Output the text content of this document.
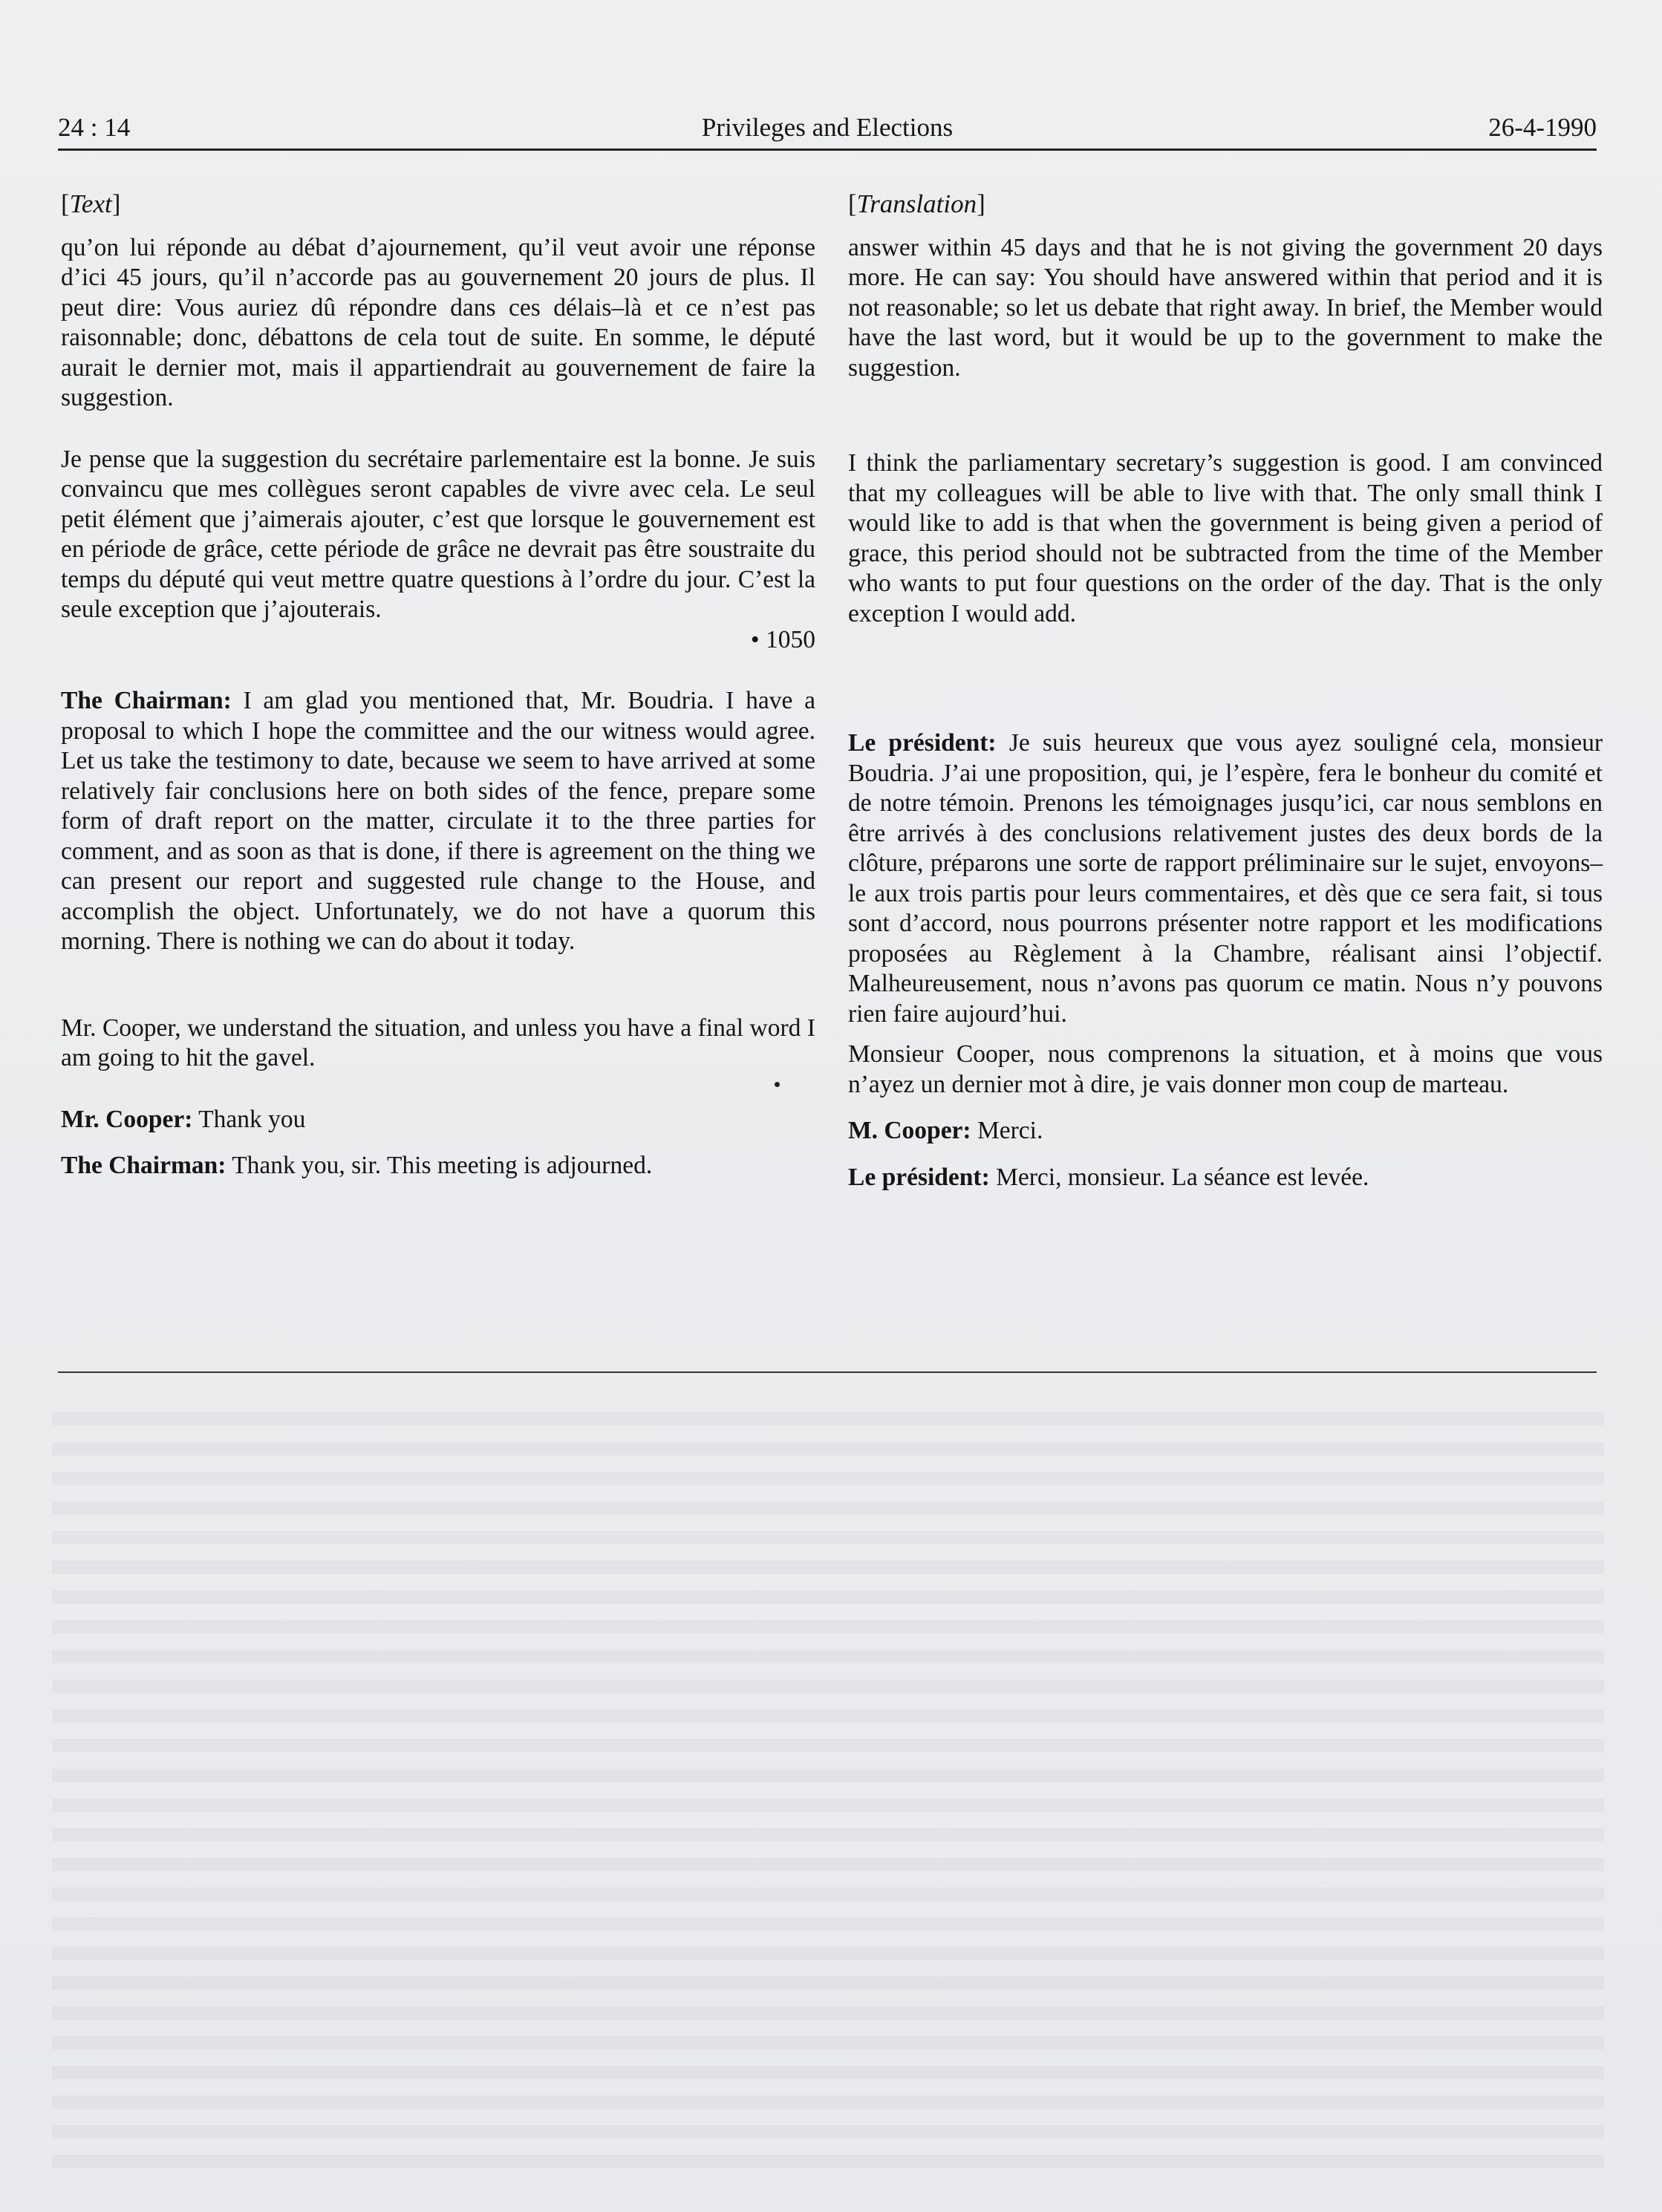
Privileges and Elections
24 : 14	26-4-1990
[Text]

qu’on lui réponde au débat d’ajournement, qu’il veut avoir une réponse d’ici 45 jours, qu’il n’accorde pas au gouvernement 20 jours de plus. Il peut dire: Vous auriez dû répondre dans ces délais–là et ce n’est pas raisonnable; donc, débattons de cela tout de suite. En somme, le député aurait le dernier mot, mais il appartiendrait au gouvernement de faire la suggestion.

Je pense que la suggestion du secrétaire parlementaire est la bonne. Je suis convaincu que mes collègues seront capables de vivre avec cela. Le seul petit élément que j’aimerais ajouter, c’est que lorsque le gouvernement est en période de grâce, cette période de grâce ne devrait pas être soustraite du temps du député qui veut mettre quatre questions à l’ordre du jour. C’est la seule exception que j’ajouterais.

• 1050

The Chairman: I am glad you mentioned that, Mr. Boudria. I have a proposal to which I hope the committee and the our witness would agree. Let us take the testimony to date, because we seem to have arrived at some relatively fair conclusions here on both sides of the fence, prepare some form of draft report on the matter, circulate it to the three parties for comment, and as soon as that is done, if there is agreement on the thing we can present our report and suggested rule change to the House, and accomplish the object. Unfortunately, we do not have a quorum this morning. There is nothing we can do about it today.

Mr. Cooper, we understand the situation, and unless you have a final word I am going to hit the gavel.

Mr. Cooper: Thank you

The Chairman: Thank you, sir. This meeting is adjourned.

[Translation]

answer within 45 days and that he is not giving the government 20 days more. He can say: You should have answered within that period and it is not reasonable; so let us debate that right away. In brief, the Member would have the last word, but it would be up to the government to make the suggestion.

I think the parliamentary secretary’s suggestion is good. I am convinced that my colleagues will be able to live with that. The only small think I would like to add is that when the government is being given a period of grace, this period should not be subtracted from the time of the Member who wants to put four questions on the order of the day. That is the only exception I would add.

Le président: Je suis heureux que vous ayez souligné cela, monsieur Boudria. J’ai une proposition, qui, je l’espère, fera le bonheur du comité et de notre témoin. Prenons les témoignages jusqu’ici, car nous semblons en être arrivés à des conclusions relativement justes des deux bords de la clôture, préparons une sorte de rapport préliminaire sur le sujet, envoyons–le aux trois partis pour leurs commentaires, et dès que ce sera fait, si tous sont d’accord, nous pourrons présenter notre rapport et les modifications proposées au Règlement à la Chambre, réalisant ainsi l’objectif. Malheureusement, nous n’avons pas quorum ce matin. Nous n’y pouvons rien faire aujourd’hui.

Monsieur Cooper, nous comprenons la situation, et à moins que vous n’ayez un dernier mot à dire, je vais donner mon coup de marteau.

M. Cooper: Merci.

Le président: Merci, monsieur. La séance est levée.
